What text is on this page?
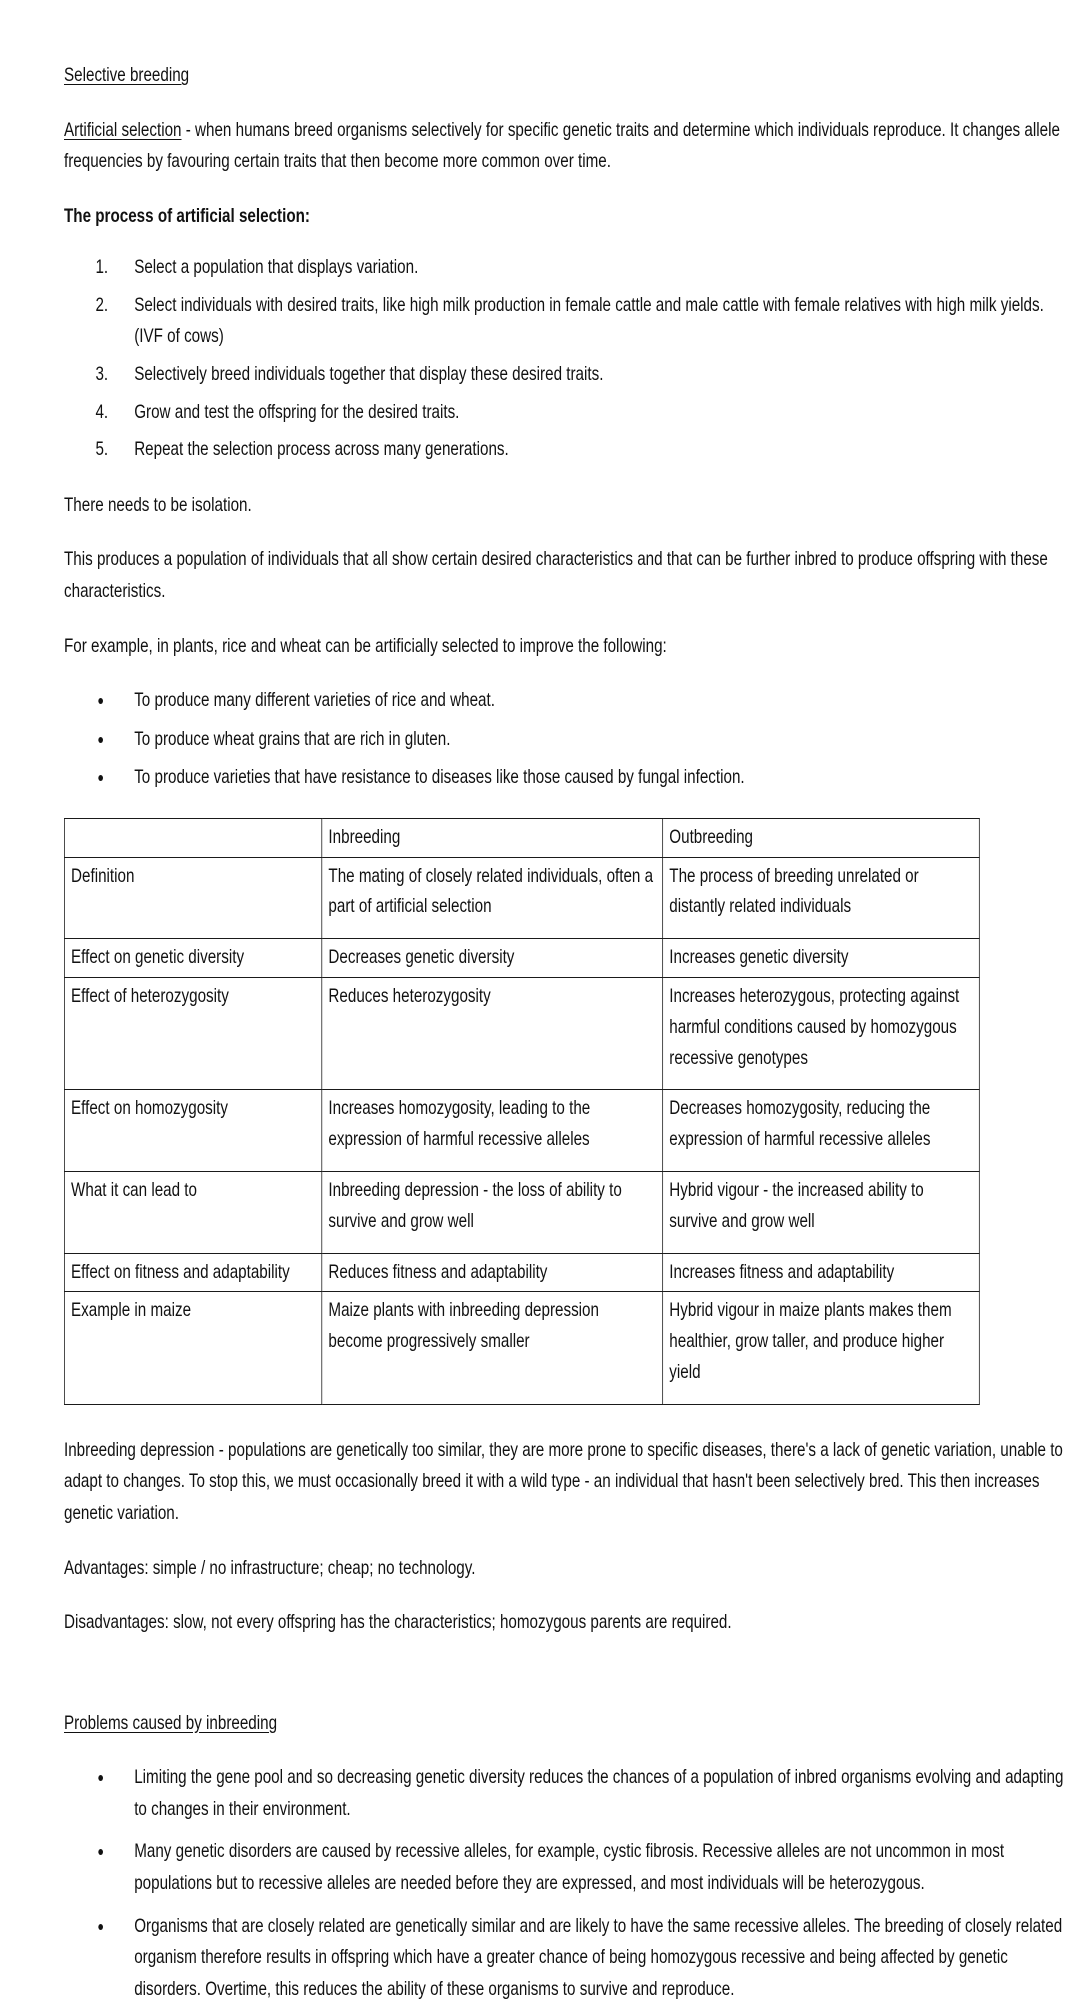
Selective breeding

Artificial selection - when humans breed organisms selectively for specific genetic traits and determine which individuals reproduce. It changes allele frequencies by favouring certain traits that then become more common over time.

The process of artificial selection:
1. Select a population that displays variation.
2. Select individuals with desired traits, like high milk production in female cattle and male cattle with female relatives with high milk yields. (IVF of cows)
3. Selectively breed individuals together that display these desired traits.
4. Grow and test the offspring for the desired traits.
5. Repeat the selection process across many generations.

There needs to be isolation.

This produces a population of individuals that all show certain desired characteristics and that can be further inbred to produce offspring with these characteristics.

For example, in plants, rice and wheat can be artificially selected to improve the following:

• To produce many different varieties of rice and wheat.
• To produce wheat grains that are rich in gluten.
• To produce varieties that have resistance to diseases like those caused by fungal infection.
	Inbreeding	Outbreeding
Definition	The mating of closely related individuals, often a part of artificial selection	The process of breeding unrelated or distantly related individuals
Effect on genetic diversity	Decreases genetic diversity	Increases genetic diversity
Effect of heterozygosity	Reduces heterozygosity	Increases heterozygous, protecting against harmful conditions caused by homozygous recessive genotypes
Effect on homozygosity	Increases homozygosity, leading to the expression of harmful recessive alleles	Decreases homozygosity, reducing the expression of harmful recessive alleles
What it can lead to	Inbreeding depression - the loss of ability to survive and grow well	Hybrid vigour - the increased ability to survive and grow well
Effect on fitness and adaptability	Reduces fitness and adaptability	Increases fitness and adaptability
Example in maize	Maize plants with inbreeding depression become progressively smaller	Hybrid vigour in maize plants makes them healthier, grow taller, and produce higher yield

Inbreeding depression - populations are genetically too similar, they are more prone to specific diseases, there's a lack of genetic variation, unable to adapt to changes. To stop this, we must occasionally breed it with a wild type - an individual that hasn't been selectively bred. This then increases genetic variation.

Advantages: simple / no infrastructure; cheap; no technology.

Disadvantages: slow, not every offspring has the characteristics; homozygous parents are required.

Problems caused by inbreeding
• Limiting the gene pool and so decreasing genetic diversity reduces the chances of a population of inbred organisms evolving and adapting to changes in their environment.
• Many genetic disorders are caused by recessive alleles, for example, cystic fibrosis. Recessive alleles are not uncommon in most populations but to recessive alleles are needed before they are expressed, and most individuals will be heterozygous.
• Organisms that are closely related are genetically similar and are likely to have the same recessive alleles. The breeding of closely related organism therefore results in offspring which have a greater chance of being homozygous recessive and being affected by genetic disorders. Overtime, this reduces the ability of these organisms to survive and reproduce.
